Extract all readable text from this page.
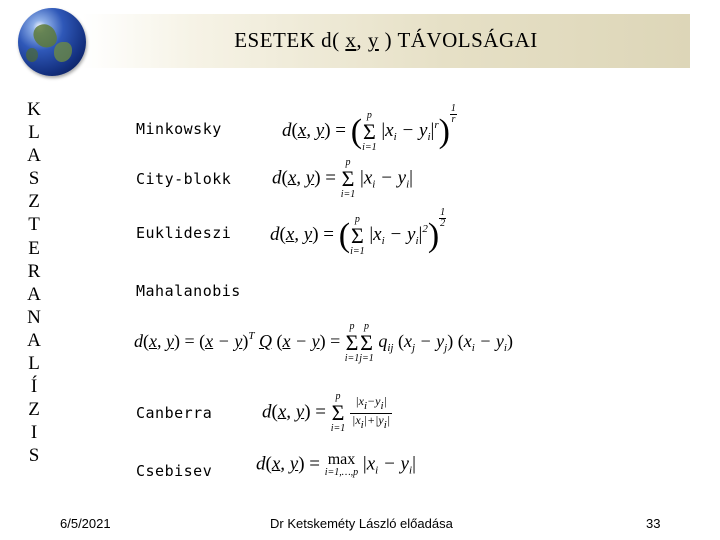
ESETEK d( x, y ) TÁVOLSÁGAI
K
L
A
S
Z
T
E
R
A
N
A
L
Í
Z
I
S
Minkowsky	d(x, y) = ( p
Σ
i=1
$|x_i - y_i|^r) \frac{1}{r}$
City-blokk d(x, y) =
p
Σ
i=1
$|x_i - y_i|$
Euklideszi d(x, y) = ( p
Σ
i=1
$|x_i - y_i|^2) \frac{1}{2}$
Mahalanobis
d(x, $y) = (x - y)^T$ Q (x − y) =
p
Σ
i=1
p
Σ
j=1
$q_{ij}$ $(x_j - y_j) (x_i - y_i)$
Canberra	d(x, y) =
p
Σ
i=1
$\frac{|xi-yi|}{|xi|+|yi|}$
Csebisev d(x, y) = max
i=1,…,p $|x_i - y_i|$
6/5/2021	Dr Ketskeméty László előadása	33
